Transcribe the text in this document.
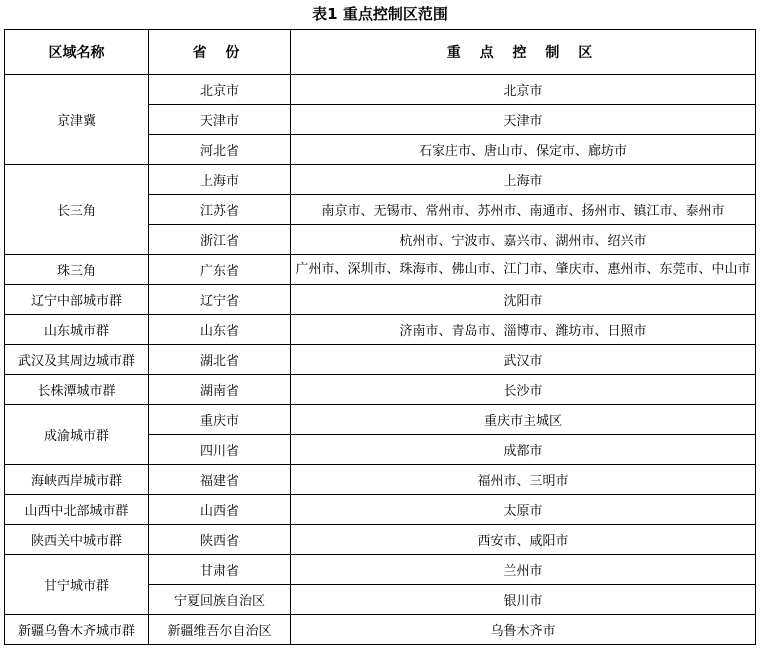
表1 重点控制区范围
区域名称	省 份	重 点 控 制 区
京津冀	北京市	北京市
	天津市	天津市
	河北省	石家庄市、唐山市、保定市、廊坊市
长三角	上海市	上海市
	江苏省	南京市、无锡市、常州市、苏州市、南通市、扬州市、镇江市、泰州市
	浙江省	杭州市、宁波市、嘉兴市、湖州市、绍兴市
珠三角	广东省	广州市、深圳市、珠海市、佛山市、江门市、肇庆市、惠州市、东莞市、中山市
辽宁中部城市群	辽宁省	沈阳市
山东城市群	山东省	济南市、青岛市、淄博市、潍坊市、日照市
武汉及其周边城市群	湖北省	武汉市
长株潭城市群	湖南省	长沙市
成渝城市群	重庆市	重庆市主城区
	四川省	成都市
海峡西岸城市群	福建省	福州市、三明市
山西中北部城市群	山西省	太原市
陕西关中城市群	陕西省	西安市、咸阳市
甘宁城市群	甘肃省	兰州市
	宁夏回族自治区	银川市
新疆乌鲁木齐城市群	新疆维吾尔自治区	乌鲁木齐市
